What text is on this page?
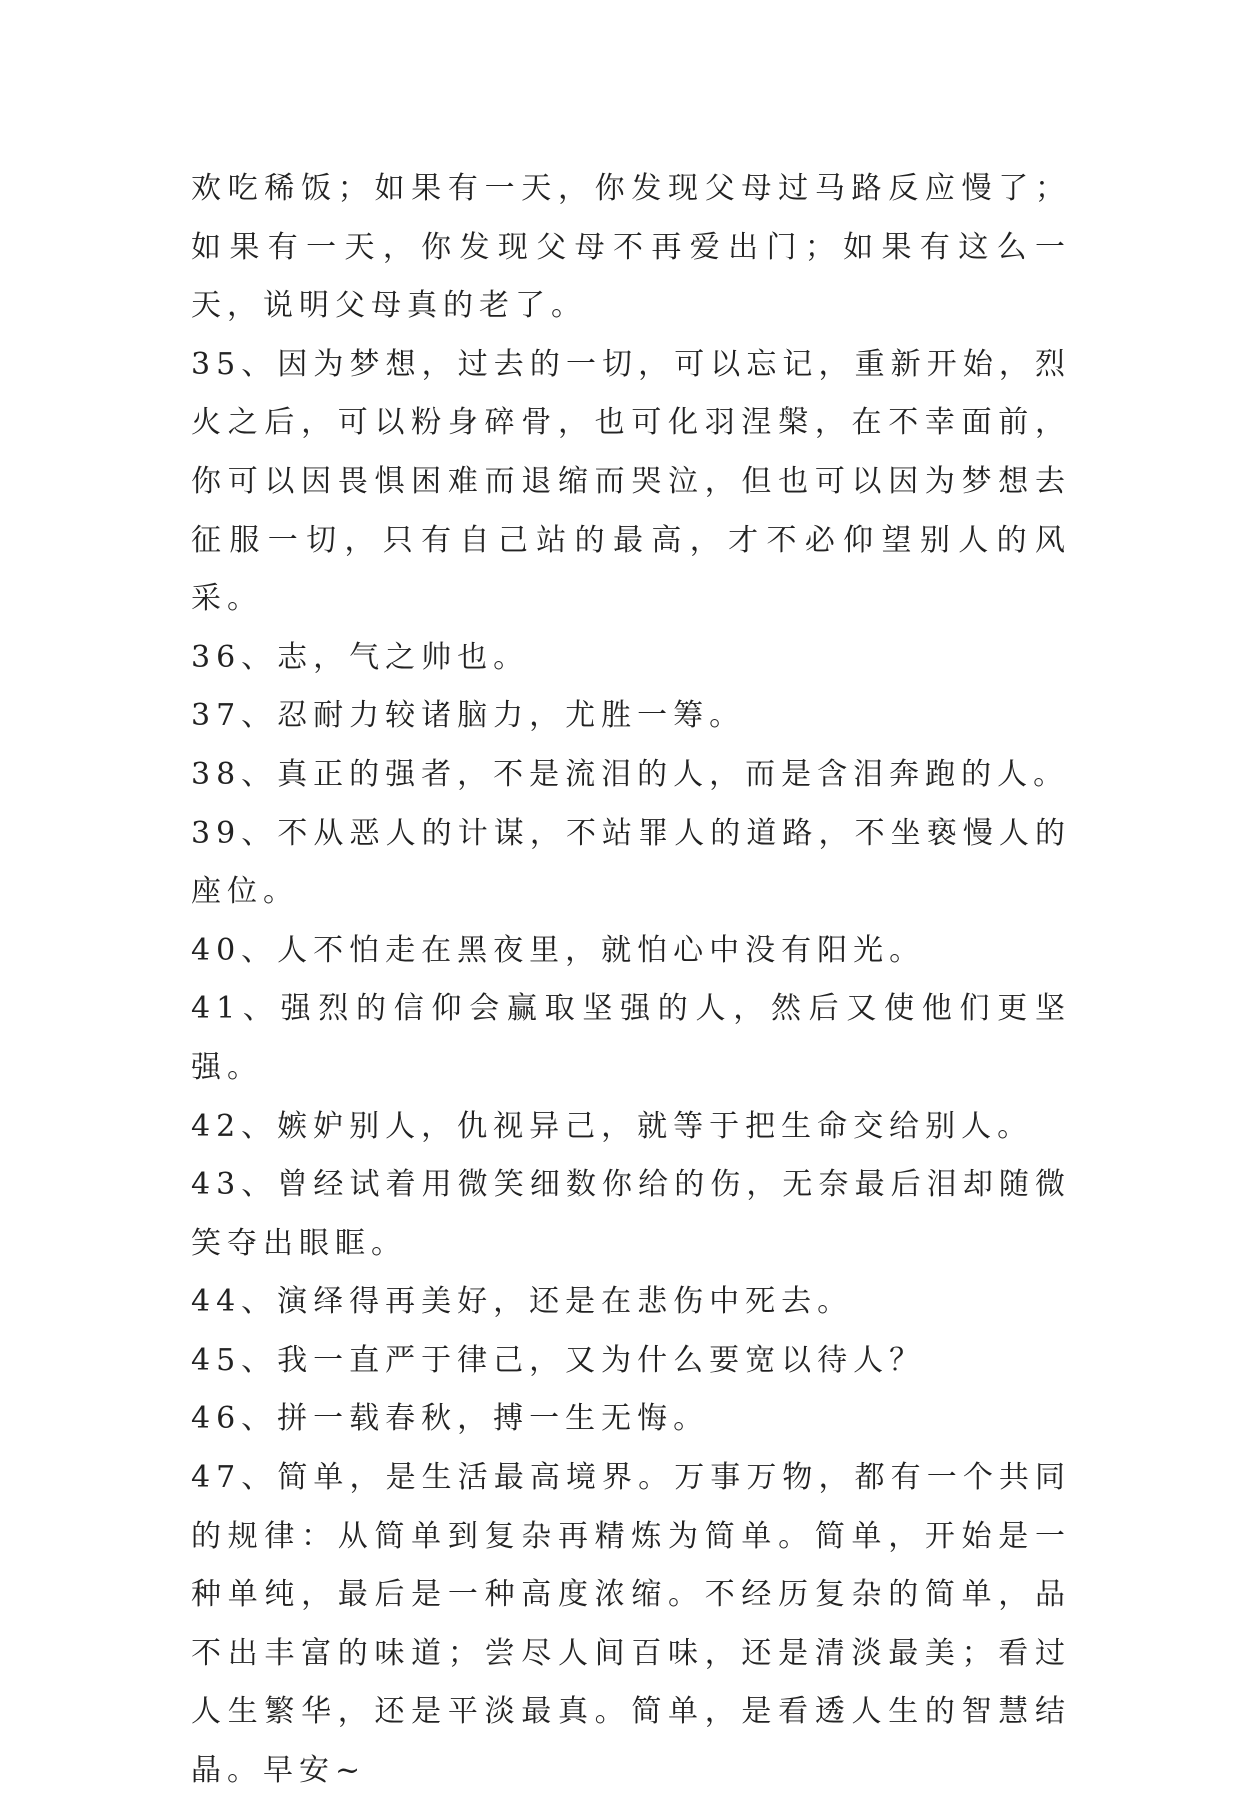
欢吃稀饭；如果有一天，你发现父母过马路反应慢了；如果有一天，你发现父母不再爱出门；如果有这么一天，说明父母真的老了。

35、因为梦想，过去的一切，可以忘记，重新开始，烈火之后，可以粉身碎骨，也可化羽涅槃，在不幸面前，你可以因畏惧困难而退缩而哭泣，但也可以因为梦想去征服一切，只有自己站的最高，才不必仰望别人的风采。

36、志，气之帅也。

37、忍耐力较诸脑力，尤胜一筹。

38、真正的强者，不是流泪的人，而是含泪奔跑的人。

39、不从恶人的计谋，不站罪人的道路，不坐亵慢人的座位。

40、人不怕走在黑夜里，就怕心中没有阳光。

41、强烈的信仰会赢取坚强的人，然后又使他们更坚强。

42、嫉妒别人，仇视异己，就等于把生命交给别人。

43、曾经试着用微笑细数你给的伤，无奈最后泪却随微笑夺出眼眶。

44、演绎得再美好，还是在悲伤中死去。

45、我一直严于律己，又为什么要宽以待人？

46、拼一载春秋，搏一生无悔。

47、简单，是生活最高境界。万事万物，都有一个共同的规律：从简单到复杂再精炼为简单。简单，开始是一种单纯，最后是一种高度浓缩。不经历复杂的简单，品不出丰富的味道；尝尽人间百味，还是清淡最美；看过人生繁华，还是平淡最真。简单，是看透人生的智慧结晶。早安~
